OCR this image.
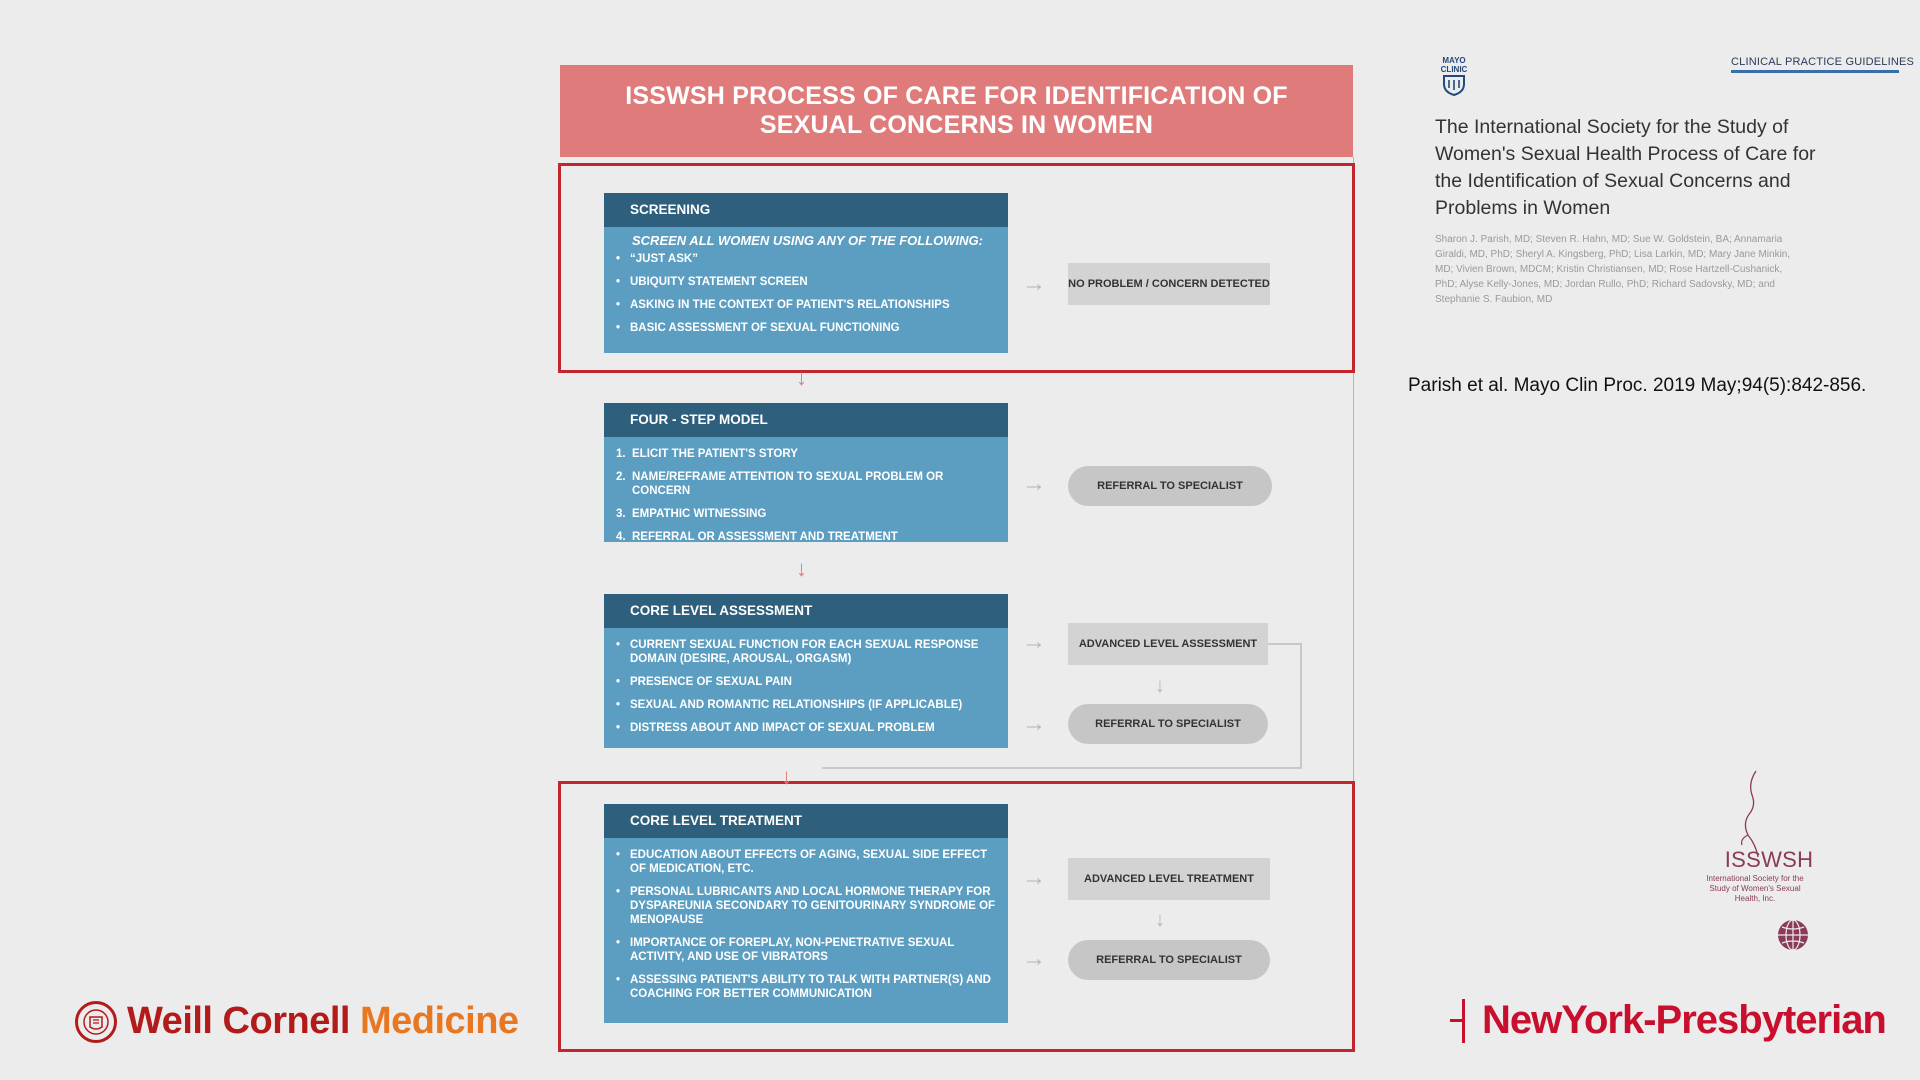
ISSWSH PROCESS OF CARE FOR IDENTIFICATION OF
SEXUAL CONCERNS IN WOMEN
SCREENING
SCREEN ALL WOMEN USING ANY OF THE FOLLOWING:
• “JUST ASK”
• UBIQUITY STATEMENT SCREEN
• ASKING IN THE CONTEXT OF PATIENT'S RELATIONSHIPS
• BASIC ASSESSMENT OF SEXUAL FUNCTIONING
→ NO PROBLEM / CONCERN DETECTED
↓
FOUR - STEP MODEL
1. ELICIT THE PATIENT'S STORY
2. NAME/REFRAME ATTENTION TO SEXUAL PROBLEM OR CONCERN
3. EMPATHIC WITNESSING
4. REFERRAL OR ASSESSMENT AND TREATMENT
→	REFERRAL TO SPECIALIST
↓
CORE LEVEL ASSESSMENT
• CURRENT SEXUAL FUNCTION FOR EACH SEXUAL RESPONSE DOMAIN (DESIRE, AROUSAL, ORGASM)
• PRESENCE OF SEXUAL PAIN
• SEXUAL AND ROMANTIC RELATIONSHIPS (IF APPLICABLE)
• DISTRESS ABOUT AND IMPACT OF SEXUAL PROBLEM
→	ADVANCED LEVEL ASSESSMENT
↓
→	REFERRAL TO SPECIALIST
↓
CORE LEVEL TREATMENT
• EDUCATION ABOUT EFFECTS OF AGING, SEXUAL SIDE EFFECT OF MEDICATION, ETC.
• PERSONAL LUBRICANTS AND LOCAL HORMONE THERAPY FOR DYSPAREUNIA SECONDARY TO GENITOURINARY SYNDROME OF MENOPAUSE
• IMPORTANCE OF FOREPLAY, NON-PENETRATIVE SEXUAL ACTIVITY, AND USE OF VIBRATORS
• ASSESSING PATIENT'S ABILITY TO TALK WITH PARTNER(S) AND COACHING FOR BETTER COMMUNICATION
→	ADVANCED LEVEL TREATMENT
↓
→	REFERRAL TO SPECIALIST
MAYO
CLINIC
CLINICAL PRACTICE GUIDELINES
The International Society for the Study of Women's Sexual Health Process of Care for the Identification of Sexual Concerns and Problems in Women
Sharon J. Parish, MD; Steven R. Hahn, MD; Sue W. Goldstein, BA; Annamaria Giraldi, MD, PhD; Sheryl A. Kingsberg, PhD; Lisa Larkin, MD; Mary Jane Minkin, MD; Vivien Brown, MDCM; Kristin Christiansen, MD; Rose Hartzell-Cushanick, PhD; Alyse Kelly-Jones, MD; Jordan Rullo, PhD; Richard Sadovsky, MD; and Stephanie S. Faubion, MD
Parish et al. Mayo Clin Proc. 2019 May;94(5):842-856.
ISSWSH
International Society for the Study of Women's Sexual Health, Inc.
Weill Cornell Medicine	NewYork-Presbyterian
